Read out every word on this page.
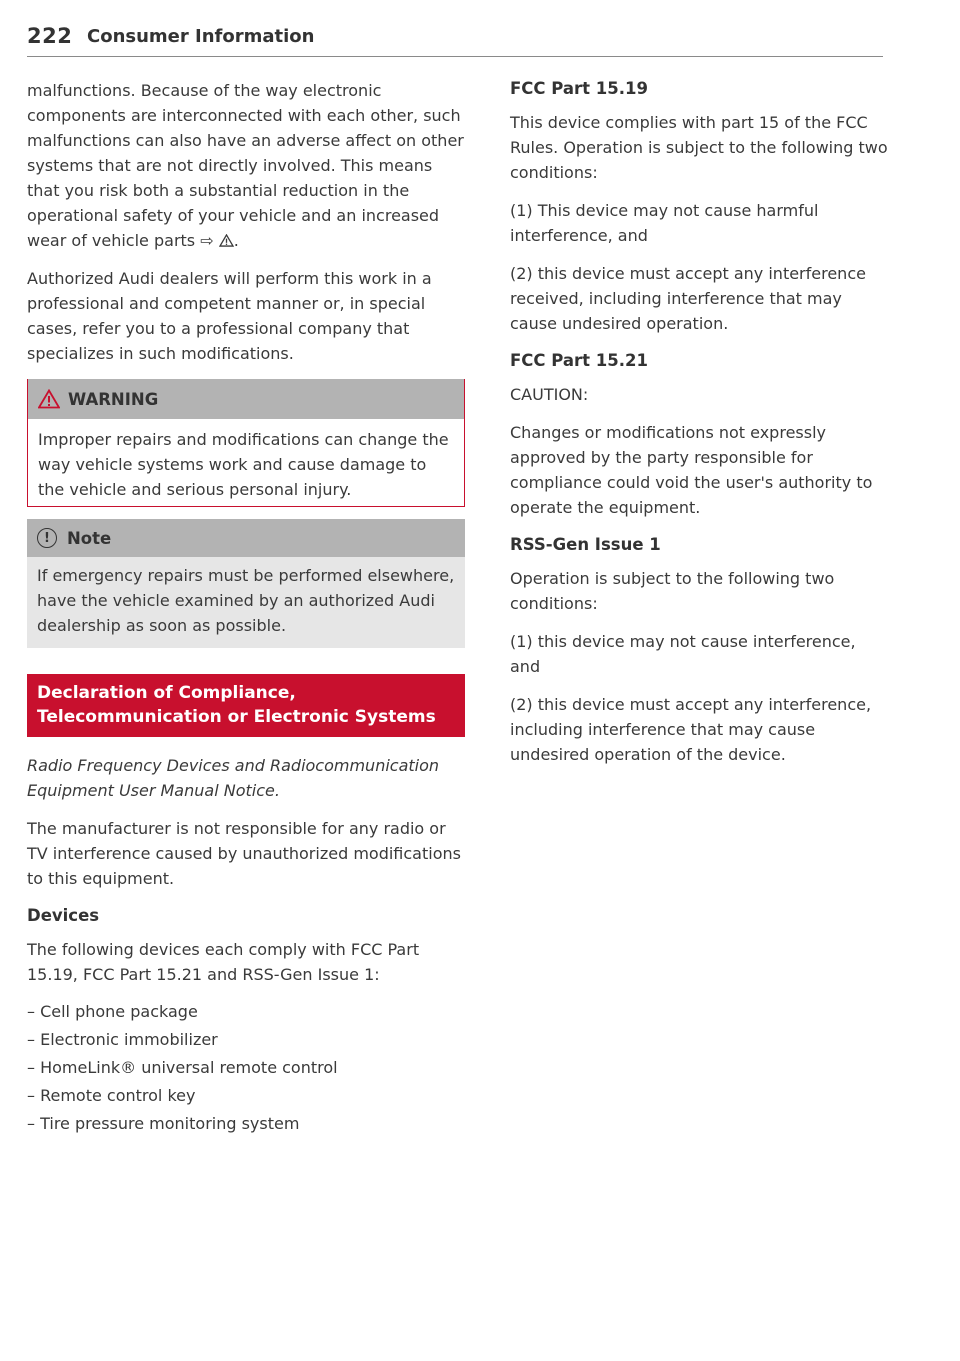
222 Consumer Information

malfunctions. Because of the way electronic components are interconnected with each other, such malfunctions can also have an adverse affect on other systems that are not directly involved. This means that you risk both a substantial reduction in the operational safety of your vehicle and an increased wear of vehicle parts ⇨ .

Authorized Audi dealers will perform this work in a professional and competent manner or, in special cases, refer you to a professional company that specializes in such modifications.

WARNING

Improper repairs and modifications can change the way vehicle systems work and cause damage to the vehicle and serious personal injury.

!	Note

If emergency repairs must be performed elsewhere, have the vehicle examined by an authorized Audi dealership as soon as possible.

Declaration of Compliance, Telecommunication or Electronic Systems

Radio Frequency Devices and Radiocommunication Equipment User Manual Notice.

The manufacturer is not responsible for any radio or TV interference caused by unauthorized modifications to this equipment.

Devices

The following devices each comply with FCC Part 15.19, FCC Part 15.21 and RSS-Gen Issue 1:

– Cell phone package
– Electronic immobilizer
– HomeLink® universal remote control
– Remote control key
– Tire pressure monitoring system
FCC Part 15.19

This device complies with part 15 of the FCC Rules. Operation is subject to the following two conditions:

(1) This device may not cause harmful interference, and

(2) this device must accept any interference received, including interference that may cause undesired operation.

FCC Part 15.21

CAUTION:

Changes or modifications not expressly approved by the party responsible for compliance could void the user's authority to operate the equipment.

RSS-Gen Issue 1

Operation is subject to the following two conditions:

(1) this device may not cause interference, and

(2) this device must accept any interference, including interference that may cause undesired operation of the device.
